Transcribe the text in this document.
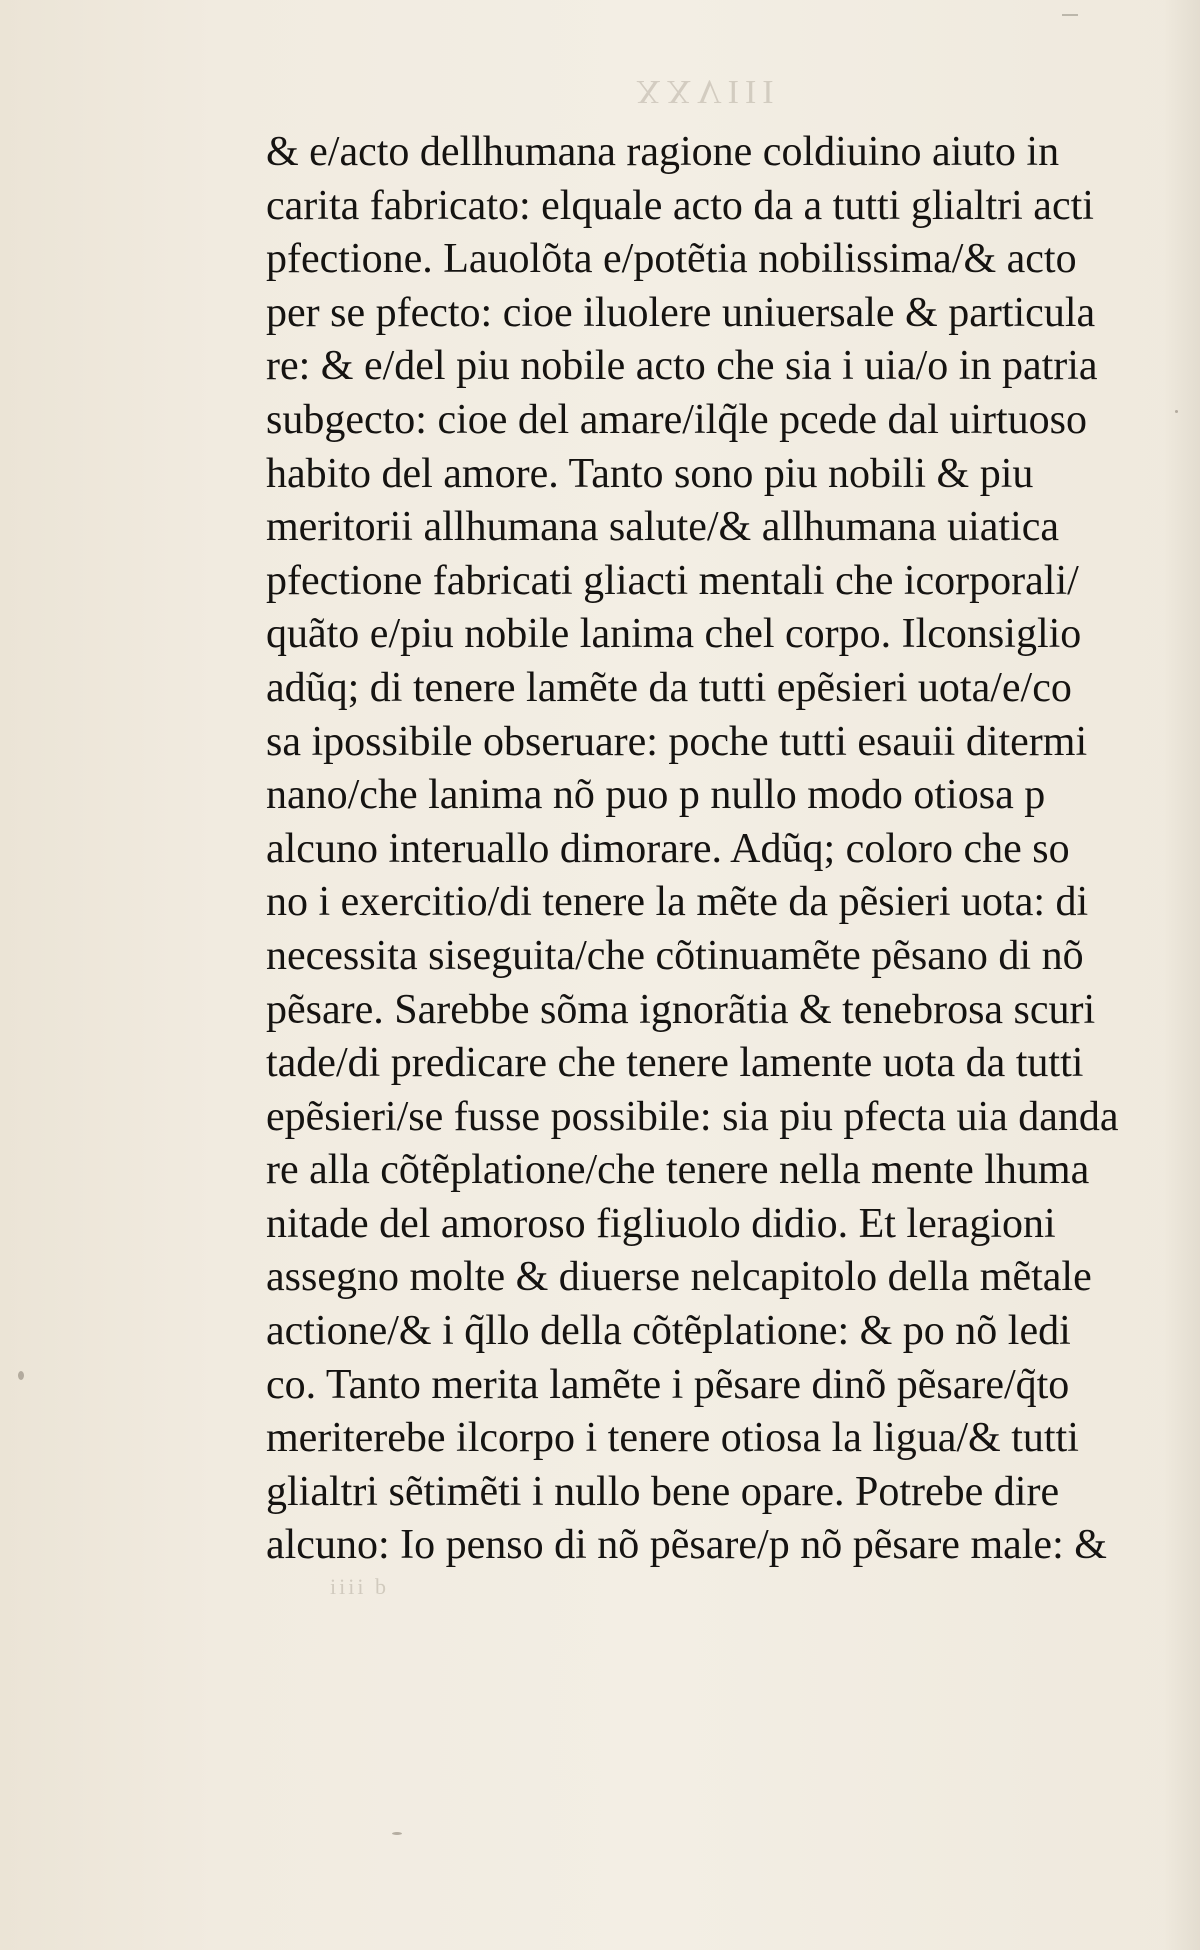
XXVIII
& e/acto dellhumana ragione coldiuino aiuto in
carita fabricato: elquale acto da a tutti glialtri acti
pfectione. Lauolõta e/potẽtia nobilissima/& acto
per se pfecto: cioe iluolere uniuersale & particula
re: & e/del piu nobile acto che sia i uia/o in patria
subgecto: cioe del amare/ilq̃le pcede dal uirtuoso
habito del amore. Tanto sono piu nobili & piu
meritorii allhumana salute/& allhumana uiatica
pfectione fabricati gliacti mentali che icorporali/
quãto e/piu nobile lanima chel corpo. Ilconsiglio
adũq; di tenere lamẽte da tutti epẽsieri uota/e/co
sa ipossibile obseruare: poche tutti esauii ditermi
nano/che lanima nõ puo p nullo modo otiosa p
alcuno interuallo dimorare. Adũq; coloro che so
no i exercitio/di tenere la mẽte da pẽsieri uota: di
necessita siseguita/che cõtinuamẽte pẽsano di nõ
pẽsare. Sarebbe sõma ignorãtia & tenebrosa scuri
tade/di predicare che tenere lamente uota da tutti
epẽsieri/se fusse possibile: sia piu pfecta uia danda
re alla cõtẽplatione/che tenere nella mente lhuma
nitade del amoroso figliuolo didio. Et leragioni
assegno molte & diuerse nelcapitolo della mẽtale
actione/& i q̃llo della cõtẽplatione: & po nõ ledi
co. Tanto merita lamẽte i pẽsare dinõ pẽsare/q̃to
meriterebe ilcorpo i tenere otiosa la ligua/& tutti
glialtri sẽtimẽti i nullo bene opare. Potrebe dire
alcuno: Io penso di nõ pẽsare/p nõ pẽsare male: &
iiii b
